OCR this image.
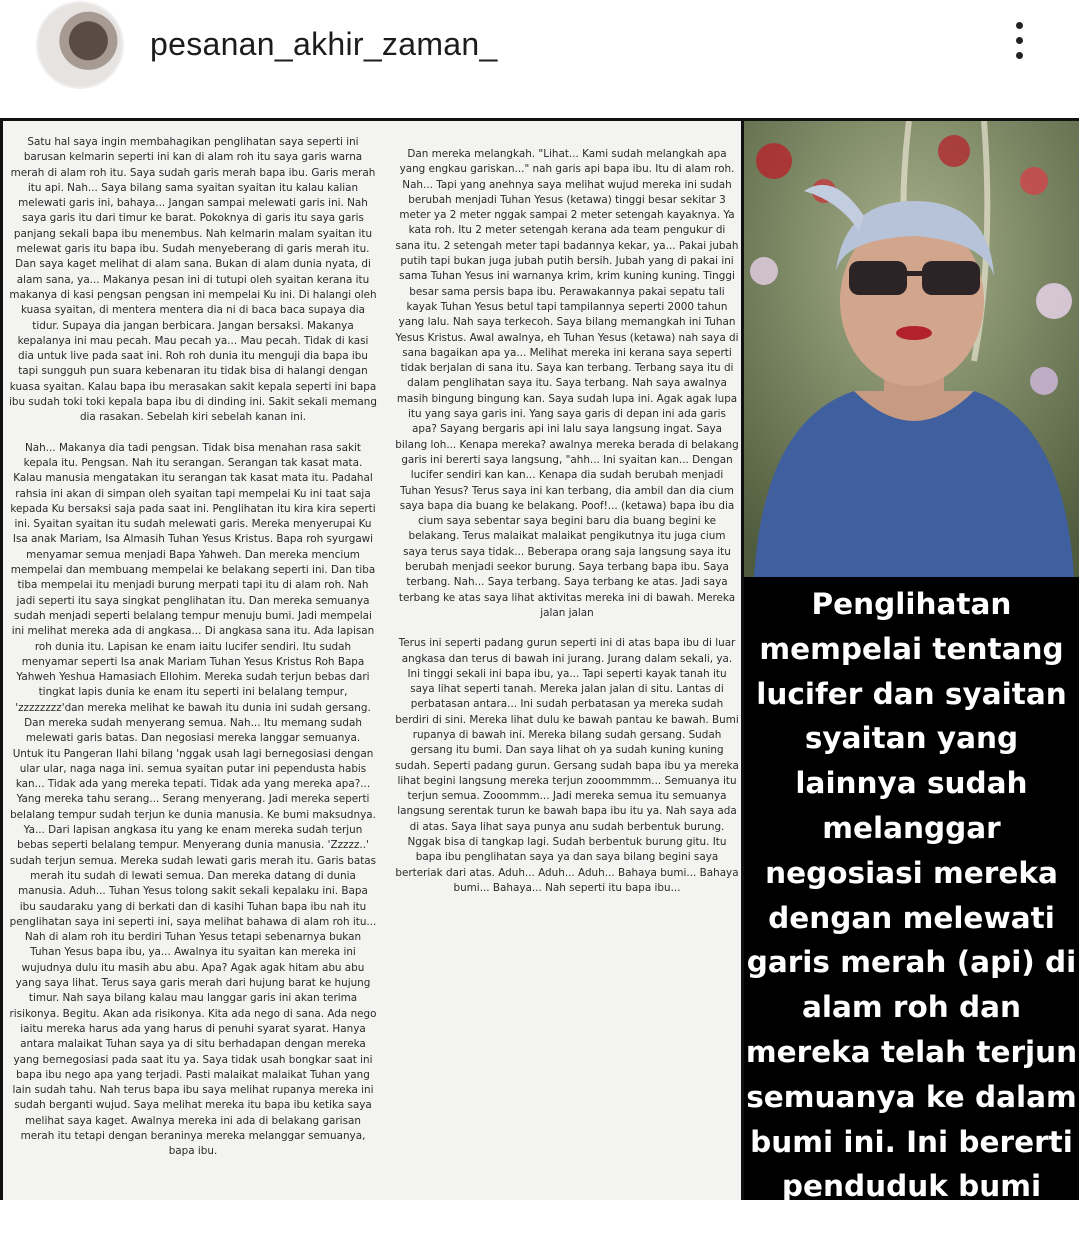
pesanan_akhir_zaman_

Satu hal saya ingin membahagikan penglihatan saya seperti ini barusan kelmarin seperti ini kan di alam roh itu saya garis warna merah di alam roh itu. Saya sudah garis merah bapa ibu. Garis merah itu api. Nah... Saya bilang sama syaitan syaitan itu kalau kalian melewati garis ini, bahaya... Jangan sampai melewati garis ini. Nah saya garis itu dari timur ke barat. Pokoknya di garis itu saya garis panjang sekali bapa ibu menembus. Nah kelmarin malam syaitan itu melewat garis itu bapa ibu. Sudah menyeberang di garis merah itu. Dan saya kaget melihat di alam sana. Bukan di alam dunia nyata, di alam sana, ya... Makanya pesan ini di tutupi oleh syaitan kerana itu makanya di kasi pengsan pengsan ini mempelai Ku ini. Di halangi oleh kuasa syaitan, di mentera mentera dia ni di baca baca supaya dia tidur. Supaya dia jangan berbicara. Jangan bersaksi. Makanya kepalanya ini mau pecah. Mau pecah ya... Mau pecah. Tidak di kasi dia untuk live pada saat ini. Roh roh dunia itu menguji dia bapa ibu tapi sungguh pun suara kebenaran itu tidak bisa di halangi dengan kuasa syaitan. Kalau bapa ibu merasakan sakit kepala seperti ini bapa ibu sudah toki toki kepala bapa ibu di dinding ini. Sakit sekali memang dia rasakan. Sebelah kiri sebelah kanan ini.

Nah... Makanya dia tadi pengsan. Tidak bisa menahan rasa sakit kepala itu. Pengsan. Nah itu serangan. Serangan tak kasat mata. Kalau manusia mengatakan itu serangan tak kasat mata itu. Padahal rahsia ini akan di simpan oleh syaitan tapi mempelai Ku ini taat saja kepada Ku bersaksi saja pada saat ini. Penglihatan itu kira kira seperti ini. Syaitan syaitan itu sudah melewati garis. Mereka menyerupai Ku Isa anak Mariam, Isa Almasih Tuhan Yesus Kristus. Bapa roh syurgawi menyamar semua menjadi Bapa Yahweh. Dan mereka mencium mempelai dan membuang mempelai ke belakang seperti ini. Dan tiba tiba mempelai itu menjadi burung merpati tapi itu di alam roh. Nah jadi seperti itu saya singkat penglihatan itu. Dan mereka semuanya sudah menjadi seperti belalang tempur menuju bumi. Jadi mempelai ini melihat mereka ada di angkasa... Di angkasa sana itu. Ada lapisan roh dunia itu. Lapisan ke enam iaitu lucifer sendiri. Itu sudah menyamar seperti Isa anak Mariam Tuhan Yesus Kristus Roh Bapa Yahweh Yeshua Hamasiach Ellohim. Mereka sudah terjun bebas dari tingkat lapis dunia ke enam itu seperti ini belalang tempur, 'zzzzzzzz'dan mereka melihat ke bawah itu dunia ini sudah gersang. Dan mereka sudah menyerang semua. Nah... Itu memang sudah melewati garis batas. Dan negosiasi mereka langgar semuanya. Untuk itu Pangeran Ilahi bilang 'nggak usah lagi bernegosiasi dengan ular ular, naga naga ini. semua syaitan putar ini pependusta habis kan... Tidak ada yang mereka tepati. Tidak ada yang mereka apa?... Yang mereka tahu serang... Serang menyerang. Jadi mereka seperti belalang tempur sudah terjun ke dunia manusia. Ke bumi maksudnya. Ya... Dari lapisan angkasa itu yang ke enam mereka sudah terjun bebas seperti belalang tempur. Menyerang dunia manusia. 'Zzzzz..' sudah terjun semua. Mereka sudah lewati garis merah itu. Garis batas merah itu sudah di lewati semua. Dan mereka datang di dunia manusia. Aduh... Tuhan Yesus tolong sakit sekali kepalaku ini. Bapa ibu saudaraku yang di berkati dan di kasihi Tuhan bapa ibu nah itu penglihatan saya ini seperti ini, saya melihat bahawa di alam roh itu... Nah di alam roh itu berdiri Tuhan Yesus tetapi sebenarnya bukan Tuhan Yesus bapa ibu, ya... Awalnya itu syaitan kan mereka ini wujudnya dulu itu masih abu abu. Apa? Agak agak hitam abu abu yang saya lihat. Terus saya garis merah dari hujung barat ke hujung timur. Nah saya bilang kalau mau langgar garis ini akan terima risikonya. Begitu. Akan ada risikonya. Kita ada nego di sana. Ada nego iaitu mereka harus ada yang harus di penuhi syarat syarat. Hanya antara malaikat Tuhan saya ya di situ berhadapan dengan mereka yang bernegosiasi pada saat itu ya. Saya tidak usah bongkar saat ini bapa ibu nego apa yang terjadi. Pasti malaikat malaikat Tuhan yang lain sudah tahu. Nah terus bapa ibu saya melihat rupanya mereka ini sudah berganti wujud. Saya melihat mereka itu bapa ibu ketika saya melihat saya kaget. Awalnya mereka ini ada di belakang garisan merah itu tetapi dengan beraninya mereka melanggar semuanya, bapa ibu.

Dan mereka melangkah. "Lihat... Kami sudah melangkah apa yang engkau gariskan..." nah garis api bapa ibu. Itu di alam roh. Nah... Tapi yang anehnya saya melihat wujud mereka ini sudah berubah menjadi Tuhan Yesus (ketawa) tinggi besar sekitar 3 meter ya 2 meter nggak sampai 2 meter setengah kayaknya. Ya kata roh. Itu 2 meter setengah kerana ada team pengukur di sana itu. 2 setengah meter tapi badannya kekar, ya... Pakai jubah putih tapi bukan juga jubah putih bersih. Jubah yang di pakai ini sama Tuhan Yesus ini warnanya krim, krim kuning kuning. Tinggi besar sama persis bapa ibu. Perawakannya pakai sepatu tali kayak Tuhan Yesus betul tapi tampilannya seperti 2000 tahun yang lalu. Nah saya terkecoh. Saya bilang memangkah ini Tuhan Yesus Kristus. Awal awalnya, eh Tuhan Yesus (ketawa) nah saya di sana bagaikan apa ya... Melihat mereka ini kerana saya seperti tidak berjalan di sana itu. Saya kan terbang. Terbang saya itu di dalam penglihatan saya itu. Saya terbang. Nah saya awalnya masih bingung bingung kan. Saya sudah lupa ini. Agak agak lupa itu yang saya garis ini. Yang saya garis di depan ini ada garis apa? Sayang bergaris api ini lalu saya langsung ingat. Saya bilang loh... Kenapa mereka? awalnya mereka berada di belakang garis ini bererti saya langsung, "ahh... Ini syaitan kan... Dengan lucifer sendiri kan kan... Kenapa dia sudah berubah menjadi Tuhan Yesus? Terus saya ini kan terbang, dia ambil dan dia cium saya bapa dia buang ke belakang. Poof!... (ketawa) bapa ibu dia cium saya sebentar saya begini baru dia buang begini ke belakang. Terus malaikat malaikat pengikutnya itu juga cium saya terus saya tidak... Beberapa orang saja langsung saya itu berubah menjadi seekor burung. Saya terbang bapa ibu. Saya terbang. Nah... Saya terbang. Saya terbang ke atas. Jadi saya terbang ke atas saya lihat aktivitas mereka ini di bawah. Mereka jalan jalan

Terus ini seperti padang gurun seperti ini di atas bapa ibu di luar angkasa dan terus di bawah ini jurang. Jurang dalam sekali, ya. Ini tinggi sekali ini bapa ibu, ya... Tapi seperti kayak tanah itu saya lihat seperti tanah. Mereka jalan jalan di situ. Lantas di perbatasan antara... Ini sudah perbatasan ya mereka sudah berdiri di sini. Mereka lihat dulu ke bawah pantau ke bawah. Bumi rupanya di bawah ini. Mereka bilang sudah gersang. Sudah gersang itu bumi. Dan saya lihat oh ya sudah kuning kuning sudah. Seperti padang gurun. Gersang sudah bapa ibu ya mereka lihat begini langsung mereka terjun zooommmm... Semuanya itu terjun semua. Zooommm... Jadi mereka semua itu semuanya langsung serentak turun ke bawah bapa ibu itu ya. Nah saya ada di atas. Saya lihat saya punya anu sudah berbentuk burung. Nggak bisa di tangkap lagi. Sudah berbentuk burung gitu. Itu bapa ibu penglihatan saya ya dan saya bilang begini saya berteriak dari atas. Aduh... Aduh... Aduh... Bahaya bumi... Bahaya bumi... Bahaya... Nah seperti itu bapa ibu...

Penglihatan mempelai tentang lucifer dan syaitan syaitan yang lainnya sudah melanggar negosiasi mereka dengan melewati garis merah (api) di alam roh dan mereka telah terjun semuanya ke dalam bumi ini. Ini bererti penduduk bumi dalam bahaya!
